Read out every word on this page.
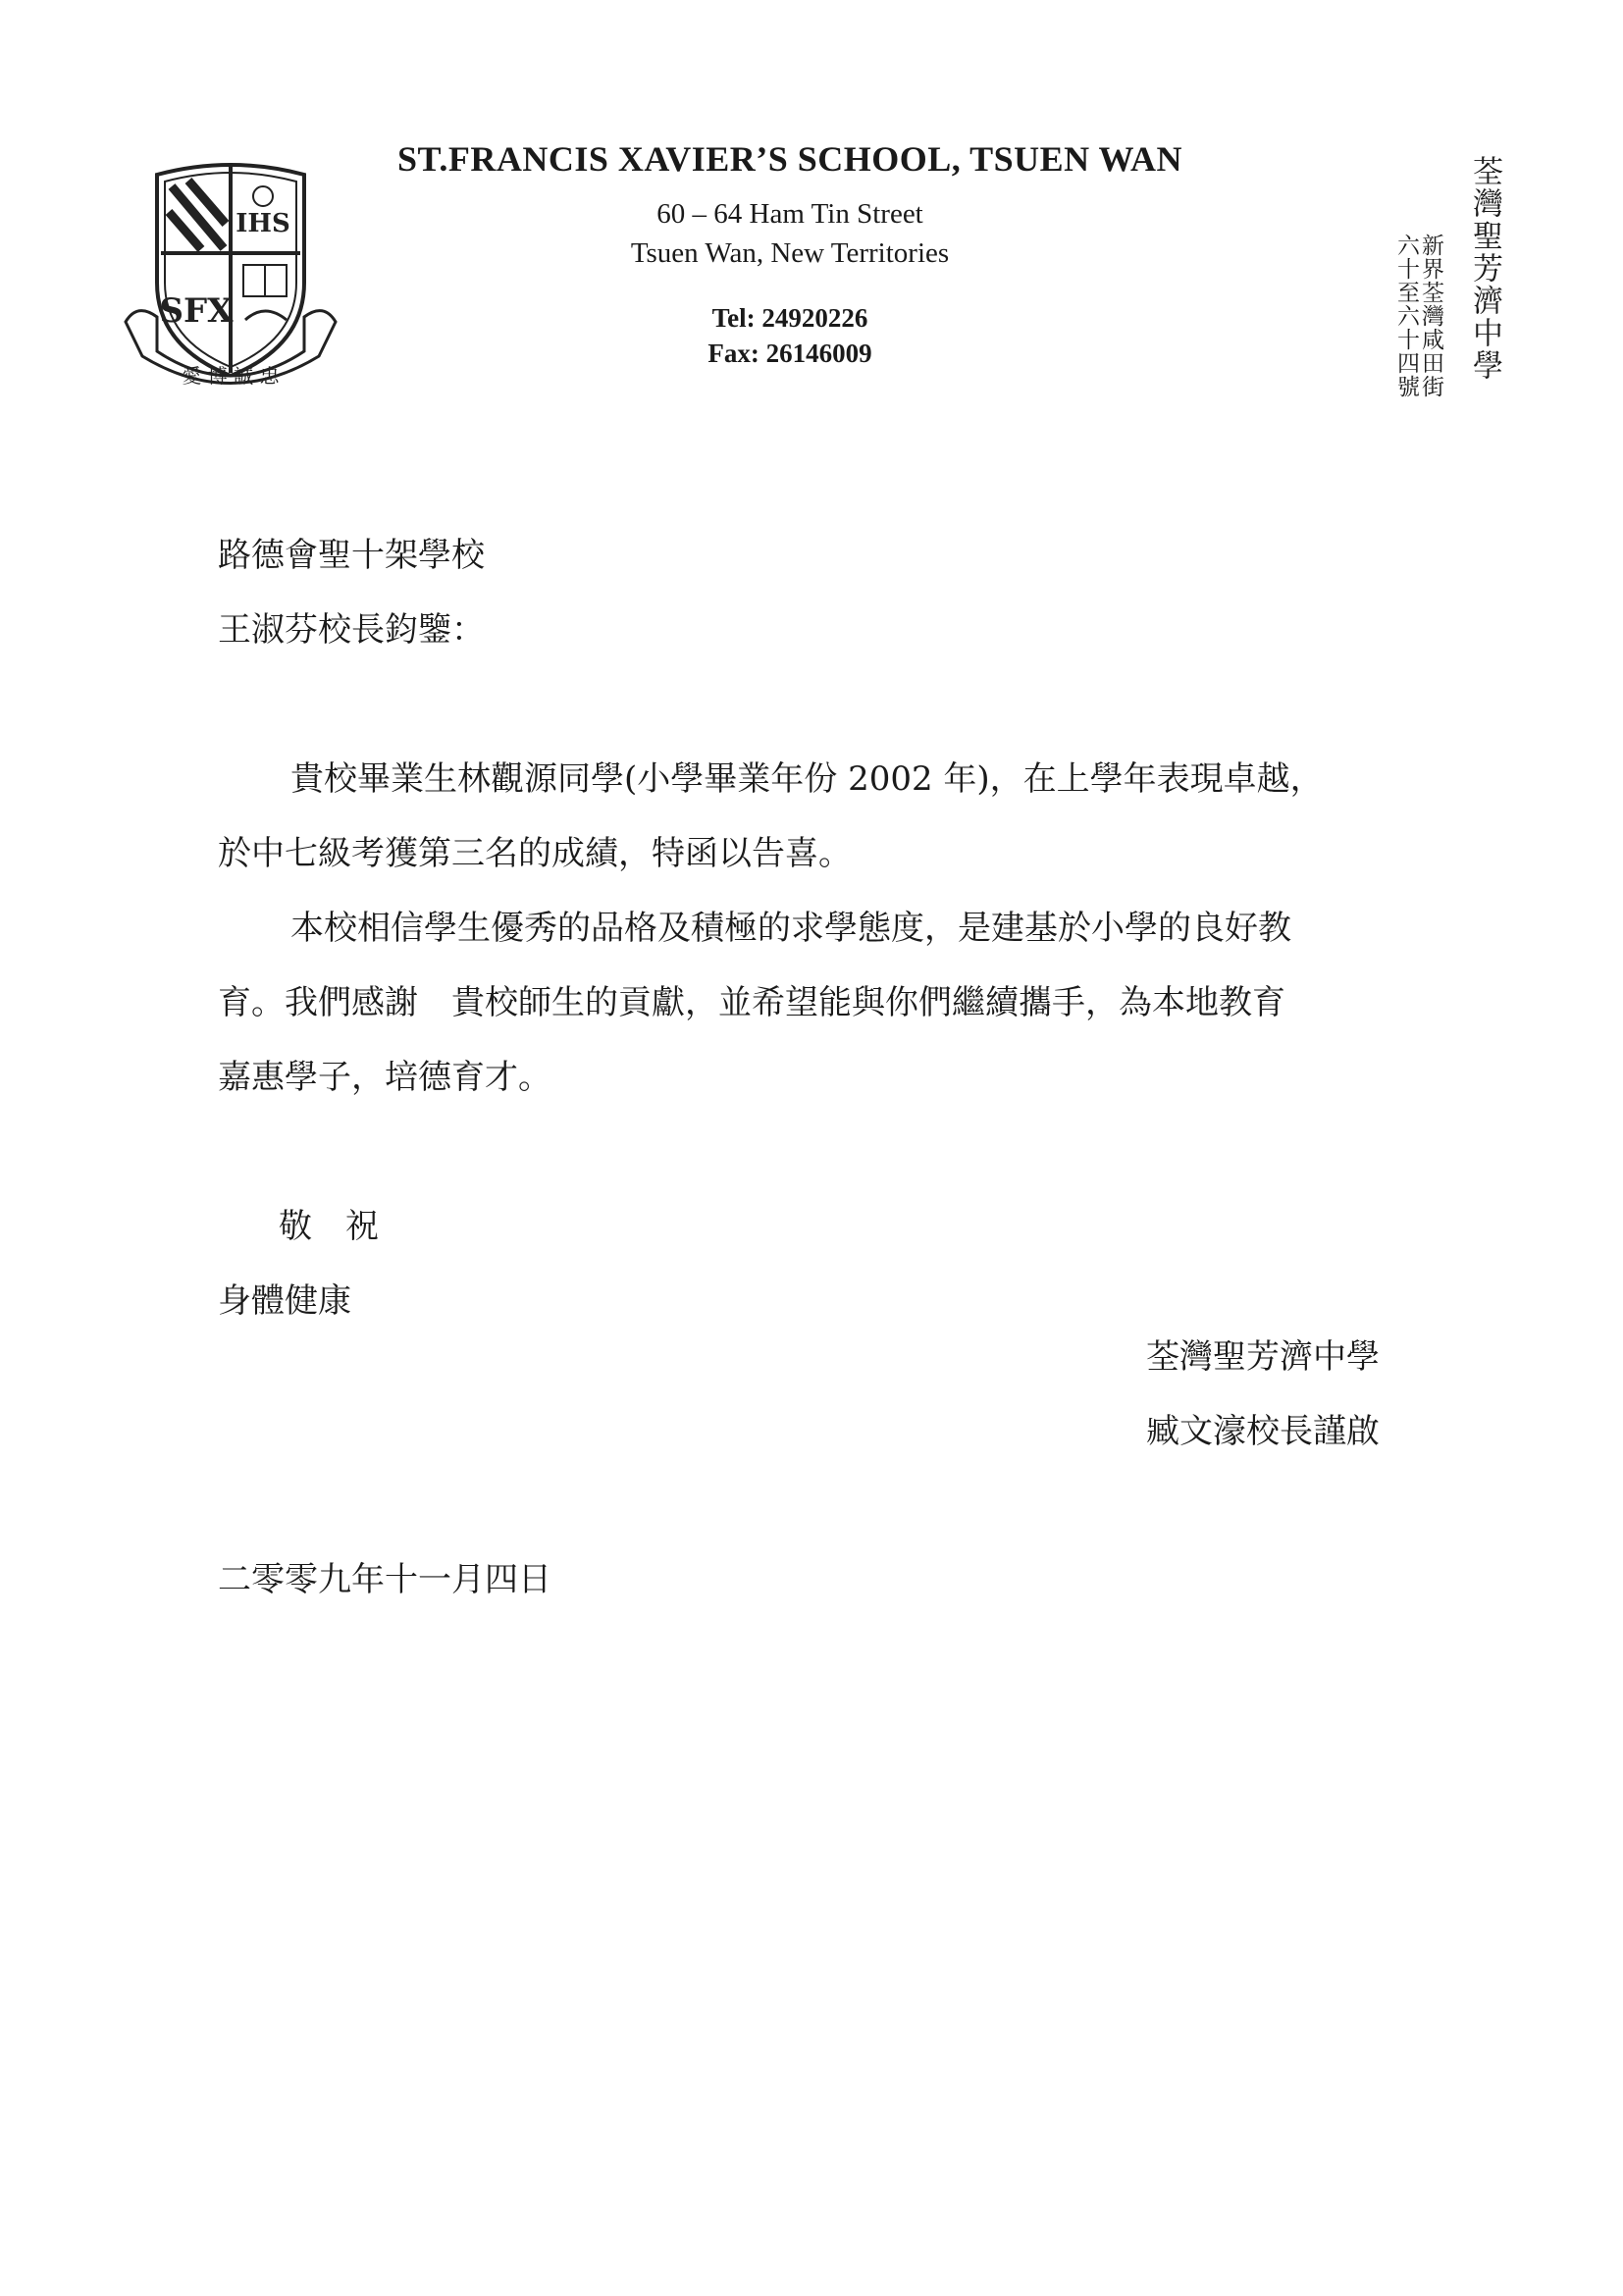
IHS
SFX
愛 博 誠 忠

ST.FRANCIS XAVIER’S SCHOOL, TSUEN WAN

60 – 64 Ham Tin Street

Tsuen Wan, New Territories

Tel: 24920226

Fax: 26146009	荃灣聖芳濟中學
新界荃灣咸田街
六十至六十四號

路德會聖十架學校

王淑芬校長鈞鑒：

貴校畢業生林觀源同學(小學畢業年份 2002 年)，在上學年表現卓越，

於中七級考獲第三名的成績，特函以告喜。

本校相信學生優秀的品格及積極的求學態度，是建基於小學的良好教

育。我們感謝　貴校師生的貢獻，並希望能與你們繼續攜手，為本地教育

嘉惠學子，培德育才。

敬　祝

身體健康

荃灣聖芳濟中學

臧文濠校長謹啟

二零零九年十一月四日
